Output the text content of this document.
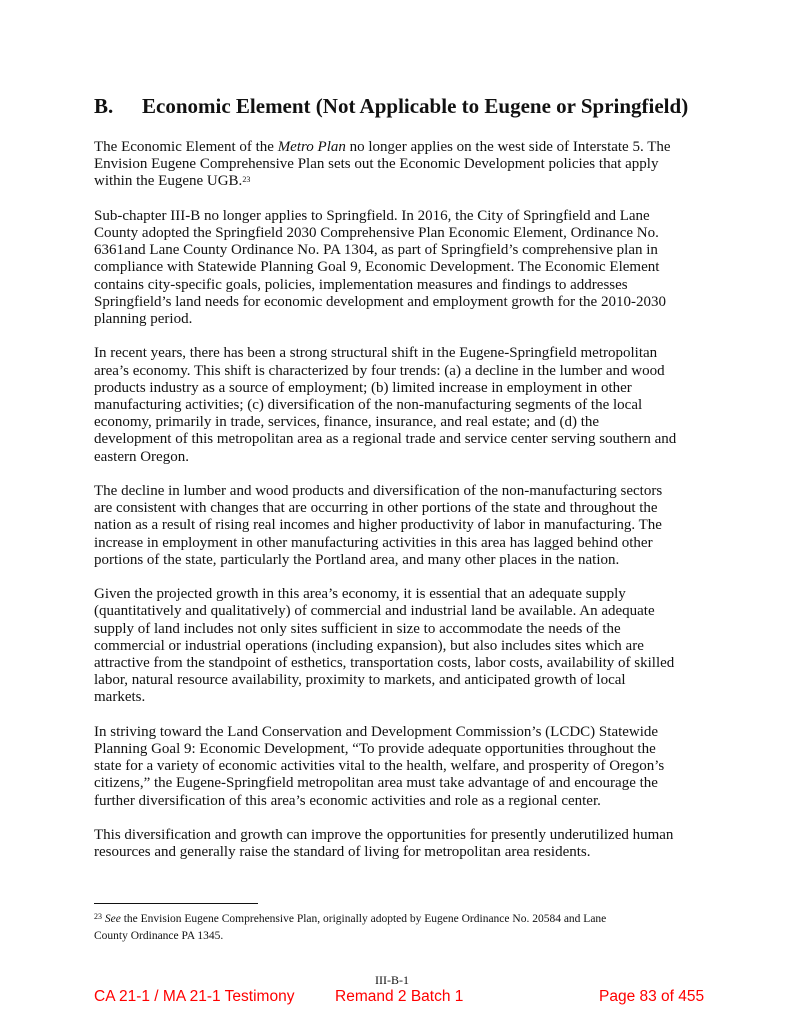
B. Economic Element (Not Applicable to Eugene or Springfield)
The Economic Element of the Metro Plan no longer applies on the west side of Interstate 5. The
Envision Eugene Comprehensive Plan sets out the Economic Development policies that apply
within the Eugene UGB.$^{23}$
Sub-chapter III-B no longer applies to Springfield. In 2016, the City of Springfield and Lane
County adopted the Springfield 2030 Comprehensive Plan Economic Element, Ordinance No.
6361and Lane County Ordinance No. PA 1304, as part of Springfield’s comprehensive plan in
compliance with Statewide Planning Goal 9, Economic Development. The Economic Element
contains city-specific goals, policies, implementation measures and findings to addresses
Springfield’s land needs for economic development and employment growth for the 2010-2030
planning period.
In recent years, there has been a strong structural shift in the Eugene-Springfield metropolitan
area’s economy. This shift is characterized by four trends: (a) a decline in the lumber and wood
products industry as a source of employment; (b) limited increase in employment in other
manufacturing activities; (c) diversification of the non-manufacturing segments of the local
economy, primarily in trade, services, finance, insurance, and real estate; and (d) the
development of this metropolitan area as a regional trade and service center serving southern and
eastern Oregon.
The decline in lumber and wood products and diversification of the non-manufacturing sectors
are consistent with changes that are occurring in other portions of the state and throughout the
nation as a result of rising real incomes and higher productivity of labor in manufacturing. The
increase in employment in other manufacturing activities in this area has lagged behind other
portions of the state, particularly the Portland area, and many other places in the nation.
Given the projected growth in this area’s economy, it is essential that an adequate supply
(quantitatively and qualitatively) of commercial and industrial land be available. An adequate
supply of land includes not only sites sufficient in size to accommodate the needs of the
commercial or industrial operations (including expansion), but also includes sites which are
attractive from the standpoint of esthetics, transportation costs, labor costs, availability of skilled
labor, natural resource availability, proximity to markets, and anticipated growth of local
markets.
In striving toward the Land Conservation and Development Commission’s (LCDC) Statewide
Planning Goal 9: Economic Development, “To provide adequate opportunities throughout the
state for a variety of economic activities vital to the health, welfare, and prosperity of Oregon’s
citizens,” the Eugene-Springfield metropolitan area must take advantage of and encourage the
further diversification of this area’s economic activities and role as a regional center.
This diversification and growth can improve the opportunities for presently underutilized human
resources and generally raise the standard of living for metropolitan area residents.
$^{23}$ See the Envision Eugene Comprehensive Plan, originally adopted by Eugene Ordinance No. 20584 and Lane
County Ordinance PA 1345.
III-B-1
CA 21-1 / MA 21-1 Testimony	Remand 2 Batch 1	Page 83 of 455
